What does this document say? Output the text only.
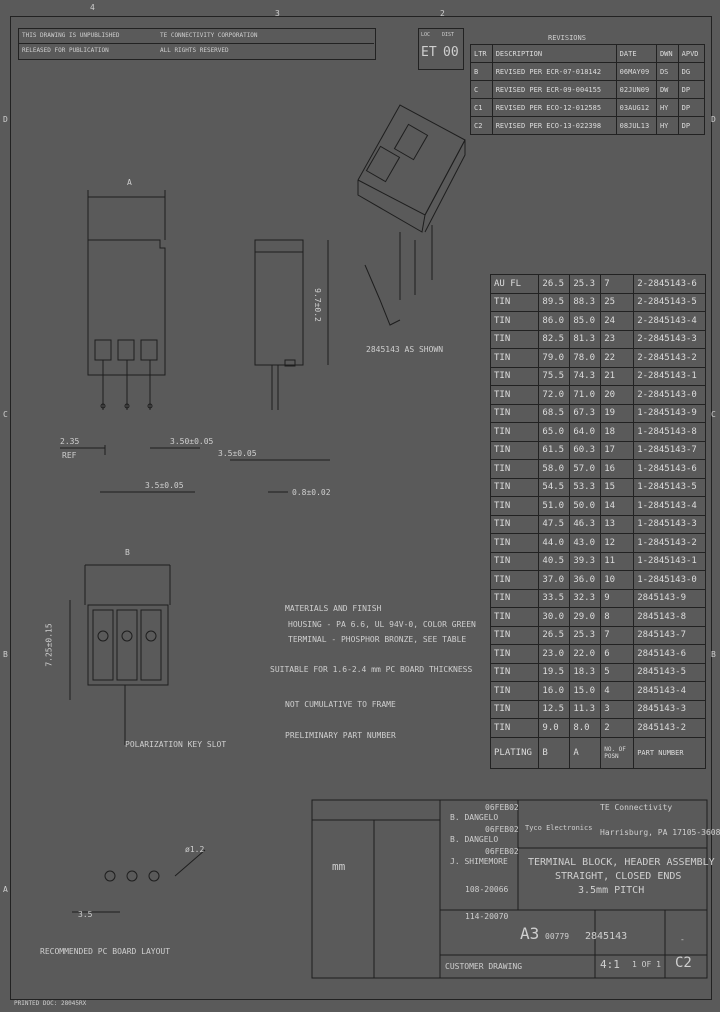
4
3	2
D
C
B
A
D
C
B
THIS DRAWING IS UNPUBLISHED	TE CONNECTIVITY CORPORATION
RELEASED FOR PUBLICATION	ALL RIGHTS RESERVED
LOC DIST
ET 00
REVISIONS
LTR	DESCRIPTION	DATE	DWN	APVD
B	REVISED PER ECR-07-018142	06MAY09	DS	DG
C	REVISED PER ECR-09-004155	02JUN09	DW	DP
C1	REVISED PER ECO-12-012585	03AUG12	HY	DP
C2	REVISED PER ECO-13-022398	08JUL13	HY	DP
A
3.50±0.05
2.35
REF
3.5±0.05
3.5±0.05
0.8±0.02
9.7±0.2
2845143 AS SHOWN
B
7.25±0.15
POLARIZATION KEY SLOT
MATERIALS AND FINISH
HOUSING - PA 6.6, UL 94V-0, COLOR GREEN
TERMINAL - PHOSPHOR BRONZE, SEE TABLE
SUITABLE FOR 1.6-2.4 mm PC BOARD THICKNESS
NOT CUMULATIVE TO FRAME
PRELIMINARY PART NUMBER
RECOMMENDED PC BOARD LAYOUT
ø1.2
3.5
AU FL	26.5	25.3	7	2-2845143-6
TIN	89.5	88.3	25	2-2845143-5
TIN	86.0	85.0	24	2-2845143-4
TIN	82.5	81.3	23	2-2845143-3
TIN	79.0	78.0	22	2-2845143-2
TIN	75.5	74.3	21	2-2845143-1
TIN	72.0	71.0	20	2-2845143-0
TIN	68.5	67.3	19	1-2845143-9
TIN	65.0	64.0	18	1-2845143-8
TIN	61.5	60.3	17	1-2845143-7
TIN	58.0	57.0	16	1-2845143-6
TIN	54.5	53.3	15	1-2845143-5
TIN	51.0	50.0	14	1-2845143-4
TIN	47.5	46.3	13	1-2845143-3
TIN	44.0	43.0	12	1-2845143-2
TIN	40.5	39.3	11	1-2845143-1
TIN	37.0	36.0	10	1-2845143-0
TIN	33.5	32.3	9	2845143-9
TIN	30.0	29.0	8	2845143-8
TIN	26.5	25.3	7	2845143-7
TIN	23.0	22.0	6	2845143-6
TIN	19.5	18.3	5	2845143-5
TIN	16.0	15.0	4	2845143-4
TIN	12.5	11.3	3	2845143-3
TIN	9.0	8.0	2	2845143-2
PLATING	B	A	NO. OF POSN	PART NUMBER
06FEB02
B. DANGELO
06FEB02
B. DANGELO
06FEB02
J. SHIMEMORE
108-20066
114-20070
mm
Tyco Electronics
TE Connectivity
Harrisburg, PA 17105-3608
TERMINAL BLOCK, HEADER ASSEMBLY
STRAIGHT, CLOSED ENDS
3.5mm PITCH
A3 00779 2845143
C2
4:1 1 OF 1
-
CUSTOMER DRAWING
PRINTED DOC: 28045RX
